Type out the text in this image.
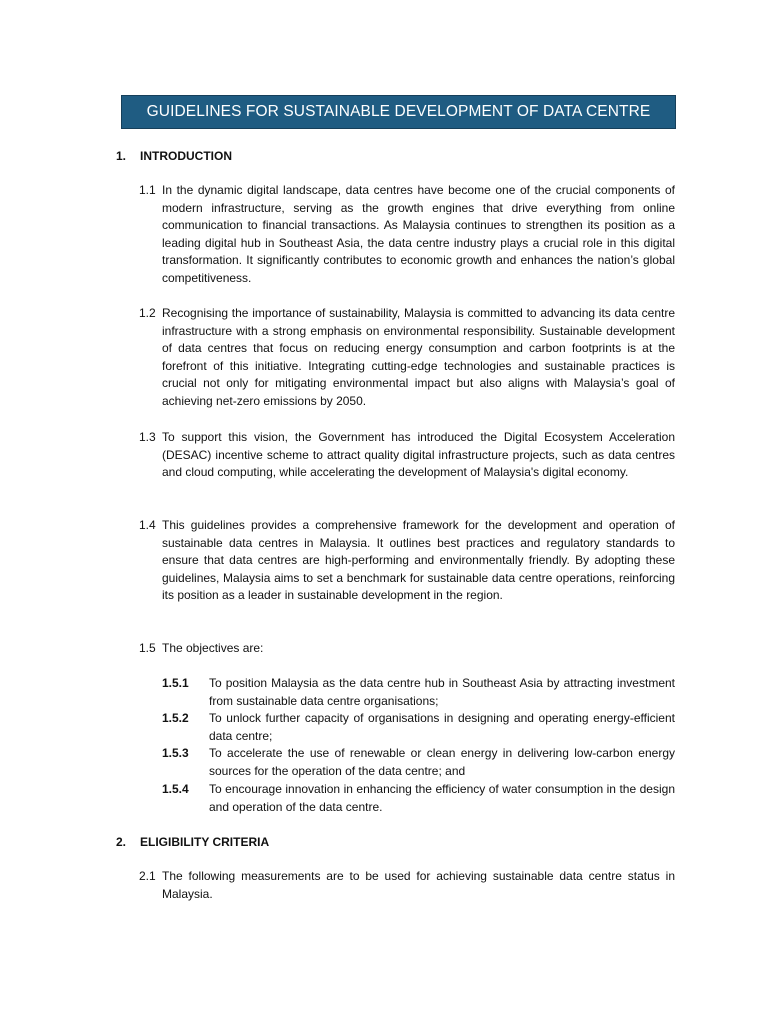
GUIDELINES FOR SUSTAINABLE DEVELOPMENT OF DATA CENTRE
1. INTRODUCTION
1.1 In the dynamic digital landscape, data centres have become one of the crucial components of modern infrastructure, serving as the growth engines that drive everything from online communication to financial transactions. As Malaysia continues to strengthen its position as a leading digital hub in Southeast Asia, the data centre industry plays a crucial role in this digital transformation. It significantly contributes to economic growth and enhances the nation’s global competitiveness.
1.2 Recognising the importance of sustainability, Malaysia is committed to advancing its data centre infrastructure with a strong emphasis on environmental responsibility. Sustainable development of data centres that focus on reducing energy consumption and carbon footprints is at the forefront of this initiative. Integrating cutting-edge technologies and sustainable practices is crucial not only for mitigating environmental impact but also aligns with Malaysia’s goal of achieving net-zero emissions by 2050.
1.3 To support this vision, the Government has introduced the Digital Ecosystem Acceleration (DESAC) incentive scheme to attract quality digital infrastructure projects, such as data centres and cloud computing, while accelerating the development of Malaysia's digital economy.
1.4 This guidelines provides a comprehensive framework for the development and operation of sustainable data centres in Malaysia. It outlines best practices and regulatory standards to ensure that data centres are high-performing and environmentally friendly. By adopting these guidelines, Malaysia aims to set a benchmark for sustainable data centre operations, reinforcing its position as a leader in sustainable development in the region.
1.5 The objectives are:
1.5.1 To position Malaysia as the data centre hub in Southeast Asia by attracting investment from sustainable data centre organisations;
1.5.2 To unlock further capacity of organisations in designing and operating energy-efficient data centre;
1.5.3 To accelerate the use of renewable or clean energy in delivering low-carbon energy sources for the operation of the data centre; and
1.5.4 To encourage innovation in enhancing the efficiency of water consumption in the design and operation of the data centre.
2. ELIGIBILITY CRITERIA
2.1 The following measurements are to be used for achieving sustainable data centre status in Malaysia.
